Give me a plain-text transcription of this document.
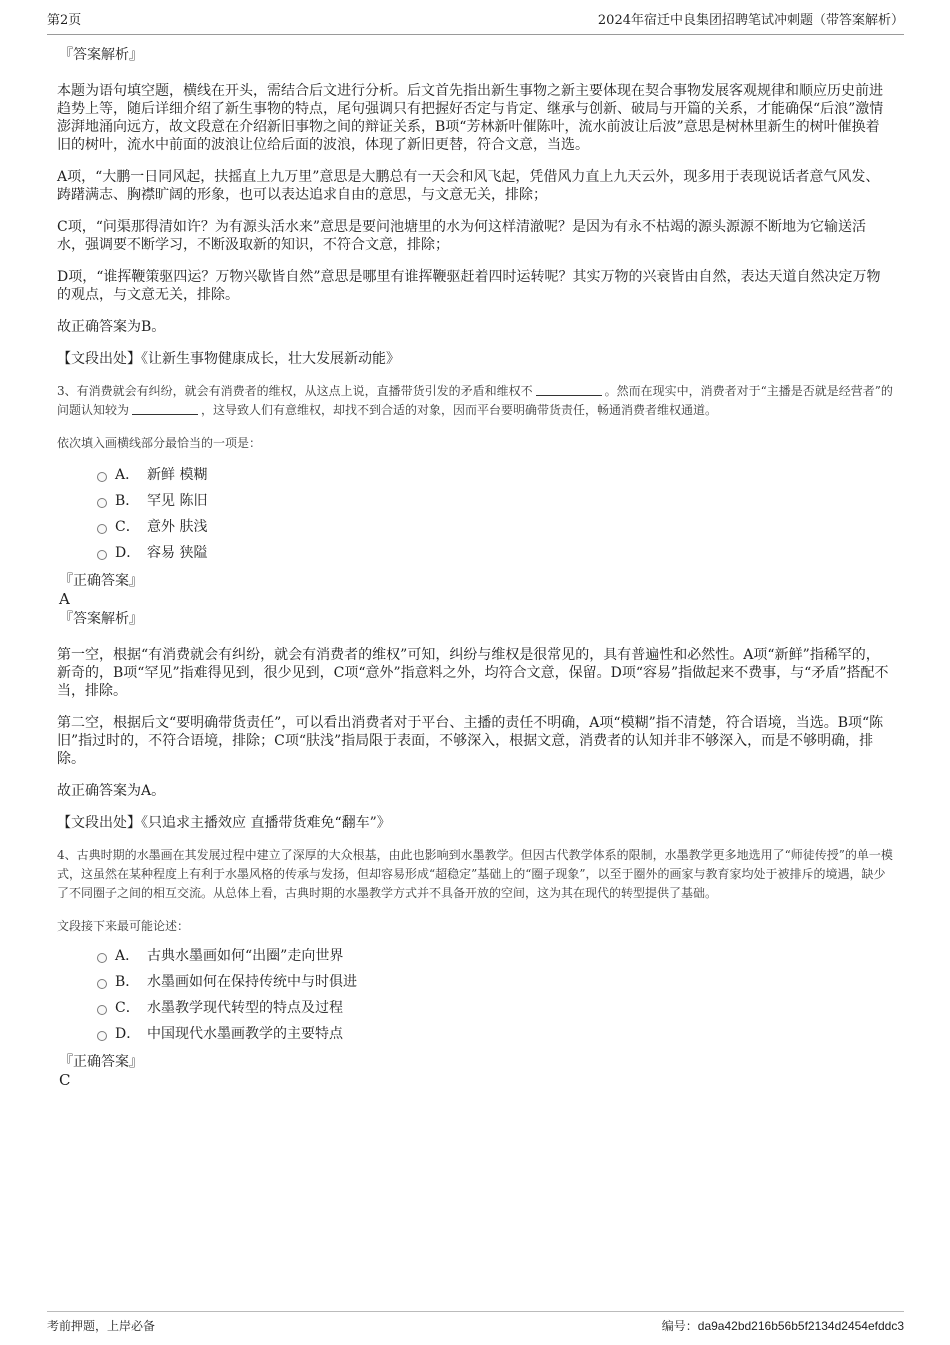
第2页	2024年宿迁中良集团招聘笔试冲刺题（带答案解析）
『答案解析』

本题为语句填空题，横线在开头，需结合后文进行分析。后文首先指出新生事物之新主要体现在契合事物发展客观规律和顺应历史前进趋势上等，随后详细介绍了新生事物的特点，尾句强调只有把握好否定与肯定、继承与创新、破局与开篇的关系，才能确保“后浪”激情澎湃地涌向远方，故文段意在介绍新旧事物之间的辩证关系，B项“芳林新叶催陈叶，流水前波让后波”意思是树林里新生的树叶催换着旧的树叶，流水中前面的波浪让位给后面的波浪，体现了新旧更替，符合文意，当选。

A项，“大鹏一日同风起，扶摇直上九万里”意思是大鹏总有一天会和风飞起，凭借风力直上九天云外，现多用于表现说话者意气风发、踌躇满志、胸襟旷阔的形象，也可以表达追求自由的意思，与文意无关，排除；

C项，“问渠那得清如许？为有源头活水来”意思是要问池塘里的水为何这样清澈呢？是因为有永不枯竭的源头源源不断地为它输送活水，强调要不断学习，不断汲取新的知识，不符合文意，排除；

D项，“谁挥鞭策驱四运？万物兴歇皆自然”意思是哪里有谁挥鞭驱赶着四时运转呢？其实万物的兴衰皆由自然，表达天道自然决定万物的观点，与文意无关，排除。

故正确答案为B。

【文段出处】《让新生事物健康成长，壮大发展新动能》

3、有消费就会有纠纷，就会有消费者的维权，从这点上说，直播带货引发的矛盾和维权不	。然而在现实中，消费者对于“主播是否就是经营者”的问题认知较为	，这导致人们有意维权，却找不到合适的对象，因而平台要明确带货责任，畅通消费者维权通道。

依次填入画横线部分最恰当的一项是：

A． 新鲜 模糊
B． 罕见 陈旧
C． 意外 肤浅
D． 容易 狭隘
『正确答案』
A
『答案解析』

第一空，根据“有消费就会有纠纷，就会有消费者的维权”可知，纠纷与维权是很常见的，具有普遍性和必然性。A项“新鲜”指稀罕的，新奇的，B项“罕见”指难得见到，很少见到，C项“意外”指意料之外，均符合文意，保留。D项“容易”指做起来不费事，与“矛盾”搭配不当，排除。

第二空，根据后文“要明确带货责任”，可以看出消费者对于平台、主播的责任不明确，A项“模糊”指不清楚，符合语境，当选。B项“陈旧”指过时的，不符合语境，排除；C项“肤浅”指局限于表面，不够深入，根据文意，消费者的认知并非不够深入，而是不够明确，排除。

故正确答案为A。

【文段出处】《只追求主播效应 直播带货难免“翻车”》

4、古典时期的水墨画在其发展过程中建立了深厚的大众根基，由此也影响到水墨教学。但因古代教学体系的限制，水墨教学更多地选用了“师徒传授”的单一模式，这虽然在某种程度上有利于水墨风格的传承与发扬，但却容易形成“超稳定”基础上的“圈子现象”，以至于圈外的画家与教育家均处于被排斥的境遇，缺少了不同圈子之间的相互交流。从总体上看，古典时期的水墨教学方式并不具备开放的空间，这为其在现代的转型提供了基础。

文段接下来最可能论述：

A． 古典水墨画如何“出圈”走向世界
B． 水墨画如何在保持传统中与时俱进
C． 水墨教学现代转型的特点及过程
D． 中国现代水墨画教学的主要特点
『正确答案』
C
考前押题，上岸必备	编号：da9a42bd216b56b5f2134d2454efddc3
